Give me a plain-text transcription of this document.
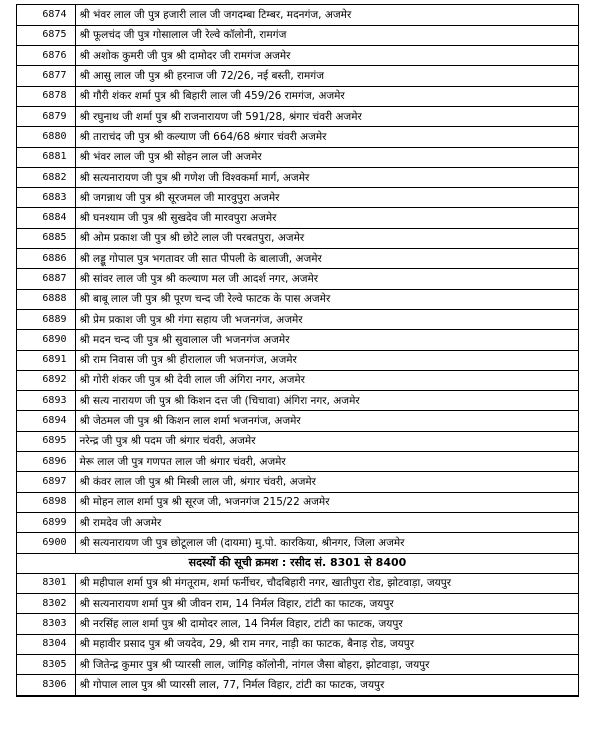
6874	श्री भंवर लाल जी पुत्र हजारी लाल जी जगदम्बा टिम्बर, मदनगंज, अजमेर
6875	श्री फूलचंद जी पुत्र गोसालाल जी रेल्वे कॉलोनी, रामगंज
6876	श्री अशोक कुमरी जी पुत्र श्री दामोदर जी रामगंज अजमेर
6877	श्री आसु लाल जी पुत्र श्री हरनाज जी 72/26, नई बस्ती, रामगंज
6878	श्री गौरी शंकर शर्मा पुत्र श्री बिहारी लाल जी 459/26 रामगंज, अजमेर
6879	श्री रघुनाथ जी शर्मा पुत्र श्री राजनारायण जी 591/28, श्रंगार चंवरी अजमेर
6880	श्री ताराचंद जी पुत्र श्री कल्याण जी 664/68 श्रंगार चंवरी अजमेर
6881	श्री भंवर लाल जी पुत्र श्री सोहन लाल जी अजमेर
6882	श्री सत्यनारायण जी पुत्र श्री गणेश जी विश्वकर्मा मार्ग, अजमेर
6883	श्री जगन्नाथ जी पुत्र श्री सूरजमल जी मारवुपुरा अजमेर
6884	श्री घनश्याम जी पुत्र श्री सुखदेव जी मारवपुरा अजमेर
6885	श्री ओम प्रकाश जी पुत्र श्री छोटे लाल जी परबतपुरा, अजमेर
6886	श्री लड्डू गोपाल पुत्र भगतावर जी सात पीपली के बालाजी, अजमेर
6887	श्री सांवर लाल जी पुत्र श्री कल्याण मल जी आदर्श नगर, अजमेर
6888	श्री बाबू लाल जी पुत्र श्री पूरण चन्द जी रेल्वे फाटक के पास अजमेर
6889	श्री प्रेम प्रकाश जी पुत्र श्री गंगा सहाय जी भजनगंज, अजमेर
6890	श्री मदन चन्द जी पुत्र श्री सुवालाल जी भजनगंज अजमेर
6891	श्री राम निवास जी पुत्र श्री हीरालाल जी भजनगंज, अजमेर
6892	श्री गोरी शंकर जी पुत्र श्री देवी लाल जी अंगिरा नगर, अजमेर
6893	श्री सत्य नारायण जी पुत्र श्री किशन दत्त जी (चिचावा) अंगिरा नगर, अजमेर
6894	श्री जेठमल जी पुत्र श्री किशन लाल शर्मा भजनगंज, अजमेर
6895	नरेन्द्र जी पुत्र श्री पदम जी श्रंगार चंवरी, अजमेर
6896	मेरू लाल जी पुत्र गणपत लाल जी श्रंगार चंवरी, अजमेर
6897	श्री कंवर लाल जी पुत्र श्री मिस्त्री लाल जी, श्रंगार चंवरी, अजमेर
6898	श्री मोहन लाल शर्मा पुत्र श्री सूरज जी, भजनगंज 215/22 अजमेर
6899	श्री रामदेव जी अजमेर
6900	श्री सत्यनारायण जी पुत्र छोटूलाल जी (दायमा) मु.पो. कारकिया, श्रीनगर, जिला अजमेर
सदस्यों की सूची क्रमश : रसीद सं. 8301 से 8400	
8301	श्री महीपाल शर्मा पुत्र श्री मंगतूराम, शर्मा फर्नीचर, चौदबिहारी नगर, खातीपुरा रोड, झोटवाड़ा, जयपुर
8302	श्री सत्यनारायण शर्मा पुत्र श्री जीवन राम, 14 निर्मल विहार, टांटी का फाटक, जयपुर
8303	श्री नरसिंह लाल शर्मा पुत्र श्री दामोदर लाल, 14 निर्मल विहार, टांटी का फाटक, जयपुर
8304	श्री महावीर प्रसाद पुत्र श्री जयदेव, 29, श्री राम नगर, नाड़ी का फाटक, बैनाड़ रोड, जयपुर
8305	श्री जितेन्द्र कुमार पुत्र श्री प्यारसी लाल, जांगिड़ कॉलोनी, नांगल जैसा बोहरा, झोटवाड़ा, जयपुर
8306	श्री गोपाल लाल पुत्र श्री प्यारसी लाल, 77, निर्मल विहार, टांटी का फाटक, जयपुर
